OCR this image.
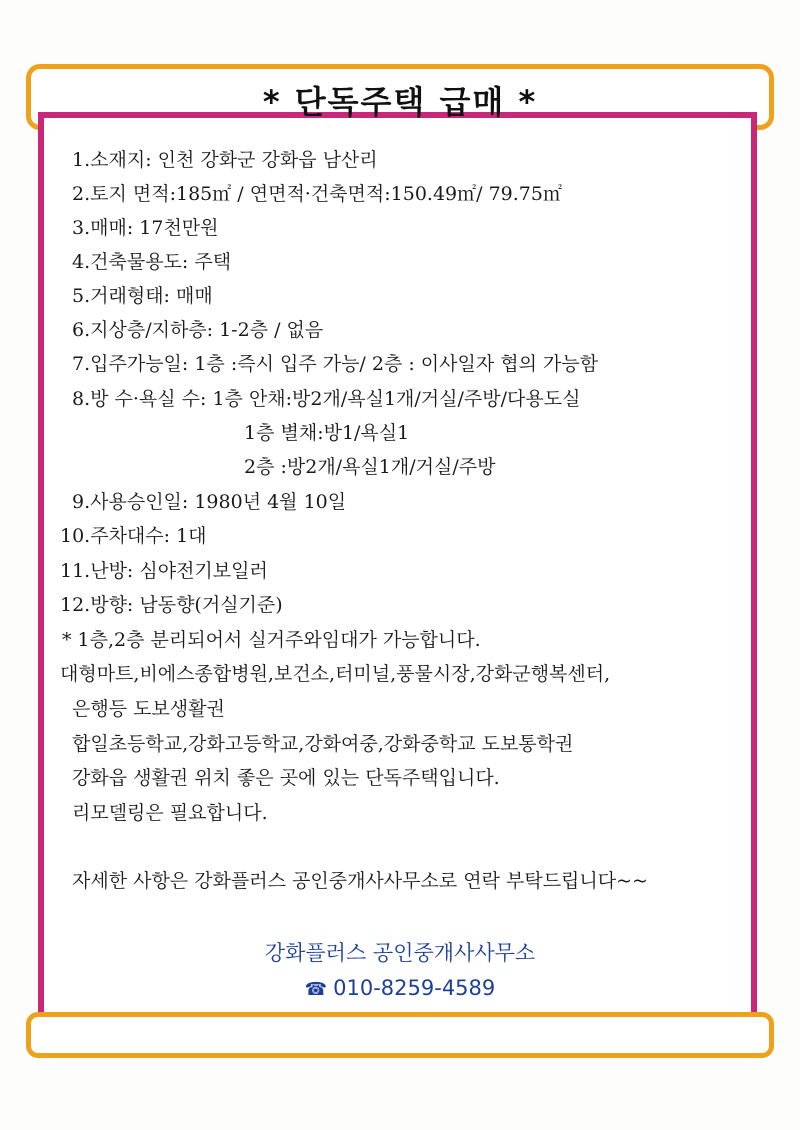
* 단독주택 급매 *
1.소재지: 인천 강화군 강화읍 남산리
2.토지 면적:185㎡ / 연면적·건축면적:150.49㎡/ 79.75㎡
3.매매: 17천만원
4.건축물용도: 주택
5.거래형태: 매매
6.지상층/지하층: 1-2층 / 없음
7.입주가능일: 1층 :즉시 입주 가능/ 2층 : 이사일자 협의 가능함
8.방 수·욕실 수: 1층 안채:방2개/욕실1개/거실/주방/다용도실
1층 별채:방1/욕실1
2층 :방2개/욕실1개/거실/주방
9.사용승인일: 1980년 4월 10일
10.주차대수: 1대
11.난방: 심야전기보일러
12.방향: 남동향(거실기준)
* 1층,2층 분리되어서 실거주와임대가 가능합니다.
대형마트,비에스종합병원,보건소,터미널,풍물시장,강화군행복센터,
은행등 도보생활권
합일초등학교,강화고등학교,강화여중,강화중학교 도보통학권
강화읍 생활권 위치 좋은 곳에 있는 단독주택입니다.
리모델링은 필요합니다.
자세한 사항은 강화플러스 공인중개사사무소로 연락 부탁드립니다~~
강화플러스 공인중개사사무소
☎ 010-8259-4589
